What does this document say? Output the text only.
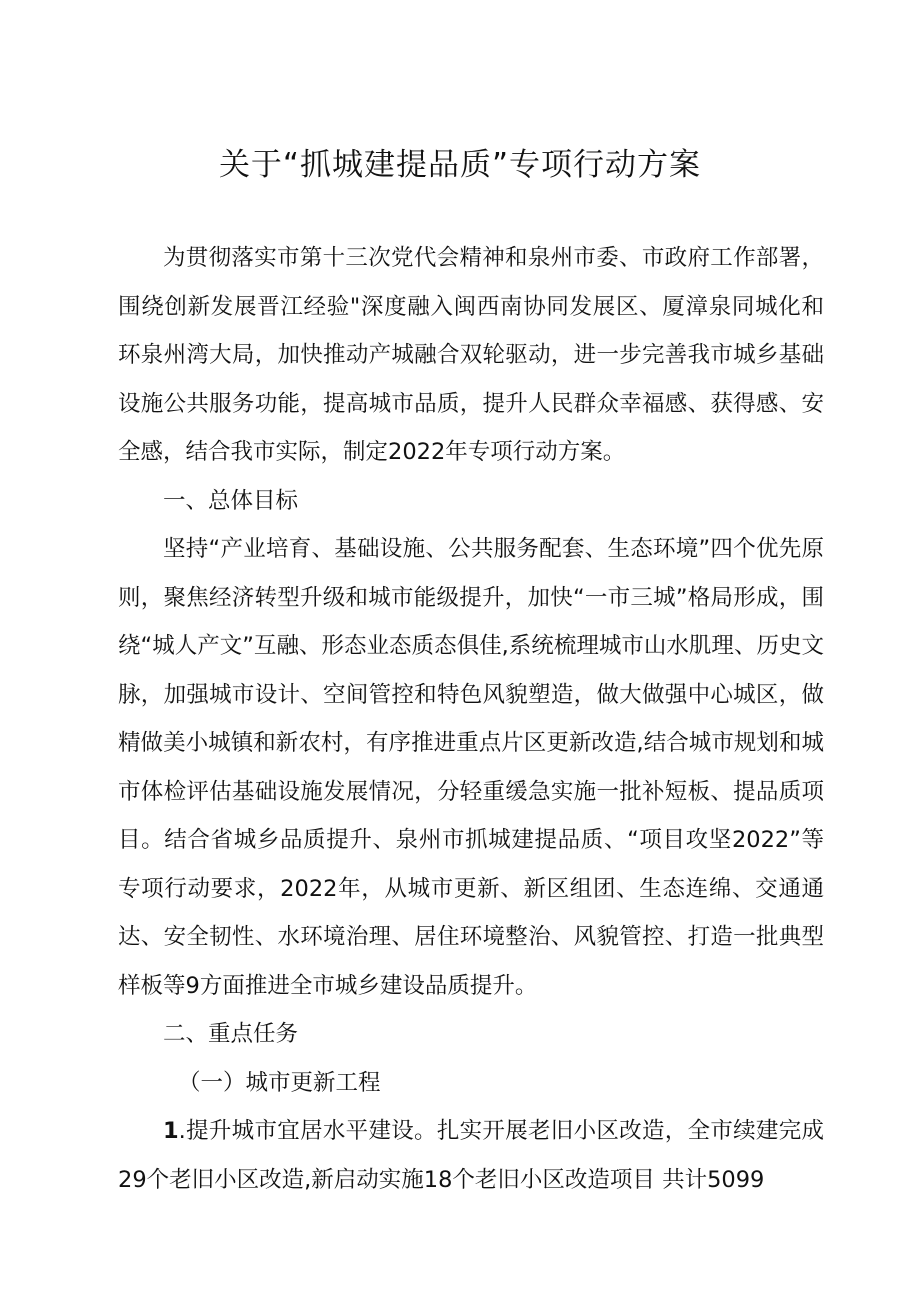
关于“抓城建提品质”专项行动方案

为贯彻落实市第十三次党代会精神和泉州市委、市政府工作部署，围绕创新发展晋江经验"深度融入闽西南协同发展区、厦漳泉同城化和环泉州湾大局，加快推动产城融合双轮驱动，进一步完善我市城乡基础设施公共服务功能，提高城市品质，提升人民群众幸福感、获得感、安全感，结合我市实际，制定2022年专项行动方案。

一、总体目标

坚持“产业培育、基础设施、公共服务配套、生态环境”四个优先原则，聚焦经济转型升级和城市能级提升，加快“一市三城”格局形成，围绕“城人产文”互融、形态业态质态俱佳,系统梳理城市山水肌理、历史文脉，加强城市设计、空间管控和特色风貌塑造，做大做强中心城区，做精做美小城镇和新农村，有序推进重点片区更新改造,结合城市规划和城市体检评估基础设施发展情况，分轻重缓急实施一批补短板、提品质项目。结合省城乡品质提升、泉州市抓城建提品质、“项目攻坚2022”等专项行动要求，2022年，从城市更新、新区组团、生态连绵、交通通达、安全韧性、水环境治理、居住环境整治、风貌管控、打造一批典型样板等9方面推进全市城乡建设品质提升。

二、重点任务

（一）城市更新工程

1.提升城市宜居水平建设。扎实开展老旧小区改造，全市续建完成29个老旧小区改造,新启动实施18个老旧小区改造项目 共计5099
